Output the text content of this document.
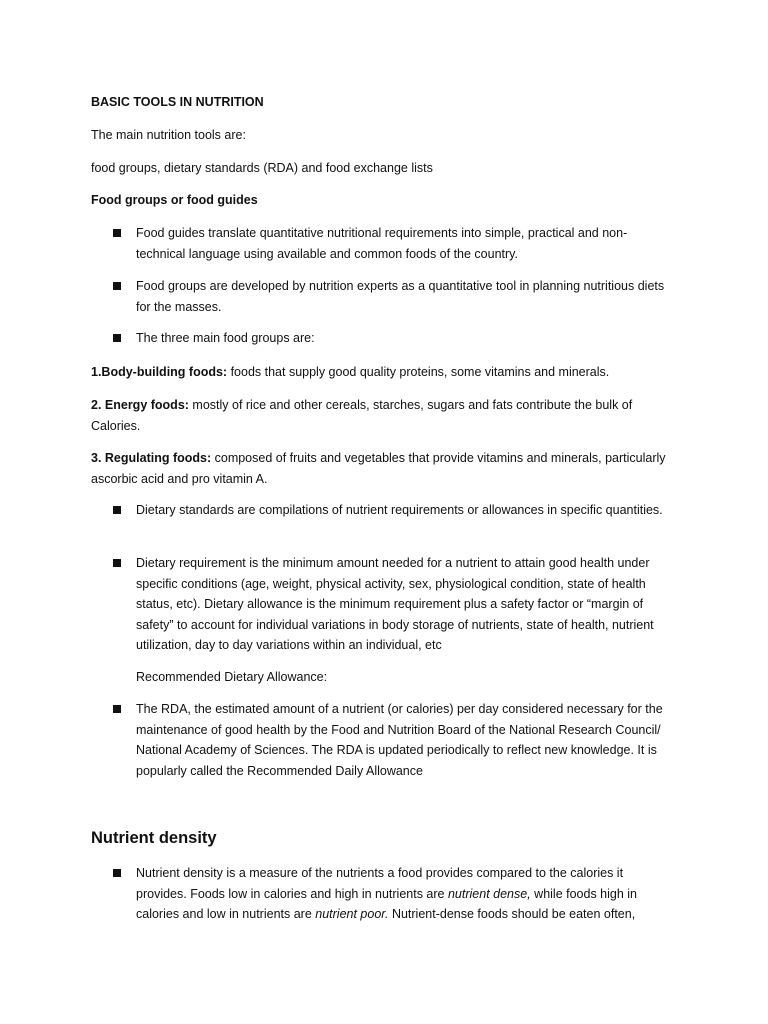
BASIC TOOLS IN NUTRITION
The main nutrition tools are:
food groups, dietary standards (RDA) and food exchange lists
Food groups or food guides
Food guides translate quantitative nutritional requirements into simple, practical and non-technical language using available and common foods of the country.
Food groups are developed by nutrition experts as a quantitative tool in planning nutritious diets for the masses.
The three main food groups are:
1.Body-building foods: foods that supply good quality proteins, some vitamins and minerals.
2. Energy foods: mostly of rice and other cereals, starches, sugars and fats contribute the bulk of Calories.
3. Regulating foods: composed of fruits and vegetables that provide vitamins and minerals, particularly ascorbic acid and pro vitamin A.
Dietary standards are compilations of nutrient requirements or allowances in specific quantities.
Dietary requirement is the minimum amount needed for a nutrient to attain good health under specific conditions (age, weight, physical activity, sex, physiological condition, state of health status, etc). Dietary allowance is the minimum requirement plus a safety factor or “margin of safety” to account for individual variations in body storage of nutrients, state of health, nutrient utilization, day to day variations within an individual, etc
Recommended Dietary Allowance:
The RDA, the estimated amount of a nutrient (or calories) per day considered necessary for the maintenance of good health by the Food and Nutrition Board of the National Research Council/ National Academy of Sciences. The RDA is updated periodically to reflect new knowledge. It is popularly called the Recommended Daily Allowance
Nutrient density
Nutrient density is a measure of the nutrients a food provides compared to the calories it provides. Foods low in calories and high in nutrients are nutrient dense, while foods high in calories and low in nutrients are nutrient poor. Nutrient-dense foods should be eaten often,
